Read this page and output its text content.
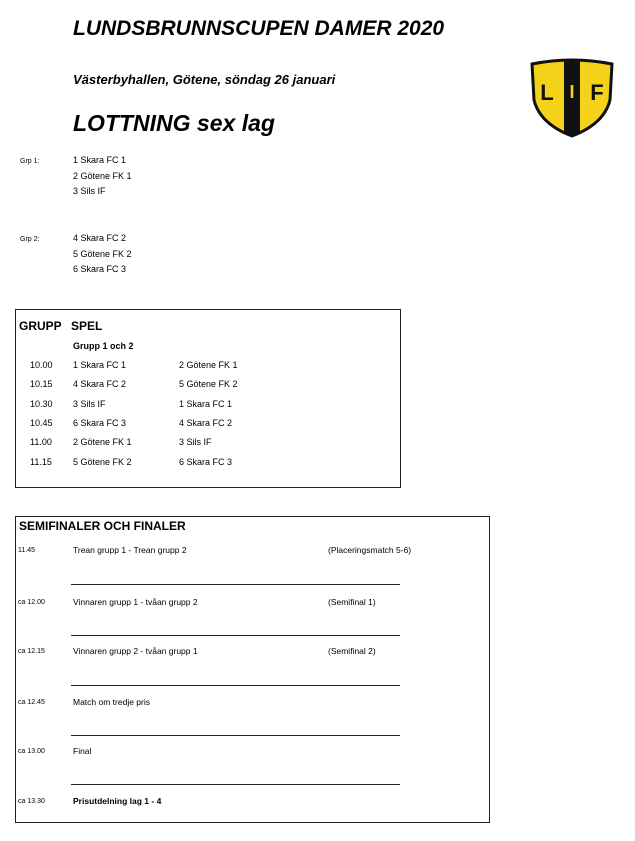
LUNDSBRUNNSCUPEN DAMER 2020
Västerbyhallen, Götene, söndag 26 januari
LOTTNING sex lag
L I F
Grp 1:	1 Skara FC 1
2 Götene FK 1
3 Sils IF
Grp 2:	4 Skara FC 2
5 Götene FK 2
6 Skara FC 3
GRUPP SPEL
Grupp 1 och 2
10.00 1 Skara FC 1	2 Götene FK 1
10.15 4 Skara FC 2	5 Götene FK 2
10.30 3 Sils IF	1 Skara FC 1
10.45 6 Skara FC 3	4 Skara FC 2
11.00 2 Götene FK 1	3 Sils IF
11.15 5 Götene FK 2	6 Skara FC 3
SEMIFINALER OCH FINALER
11.45	Trean grupp 1 - Trean grupp 2	(Placeringsmatch 5-6)
ca 12.00	Vinnaren grupp 1 - tvåan grupp 2	(Semifinal 1)
ca 12.15	Vinnaren grupp 2 - tvåan grupp 1	(Semifinal 2)
ca 12.45	Match om tredje pris
ca 13.00	Final
ca 13.30	Prisutdelning lag 1 - 4
